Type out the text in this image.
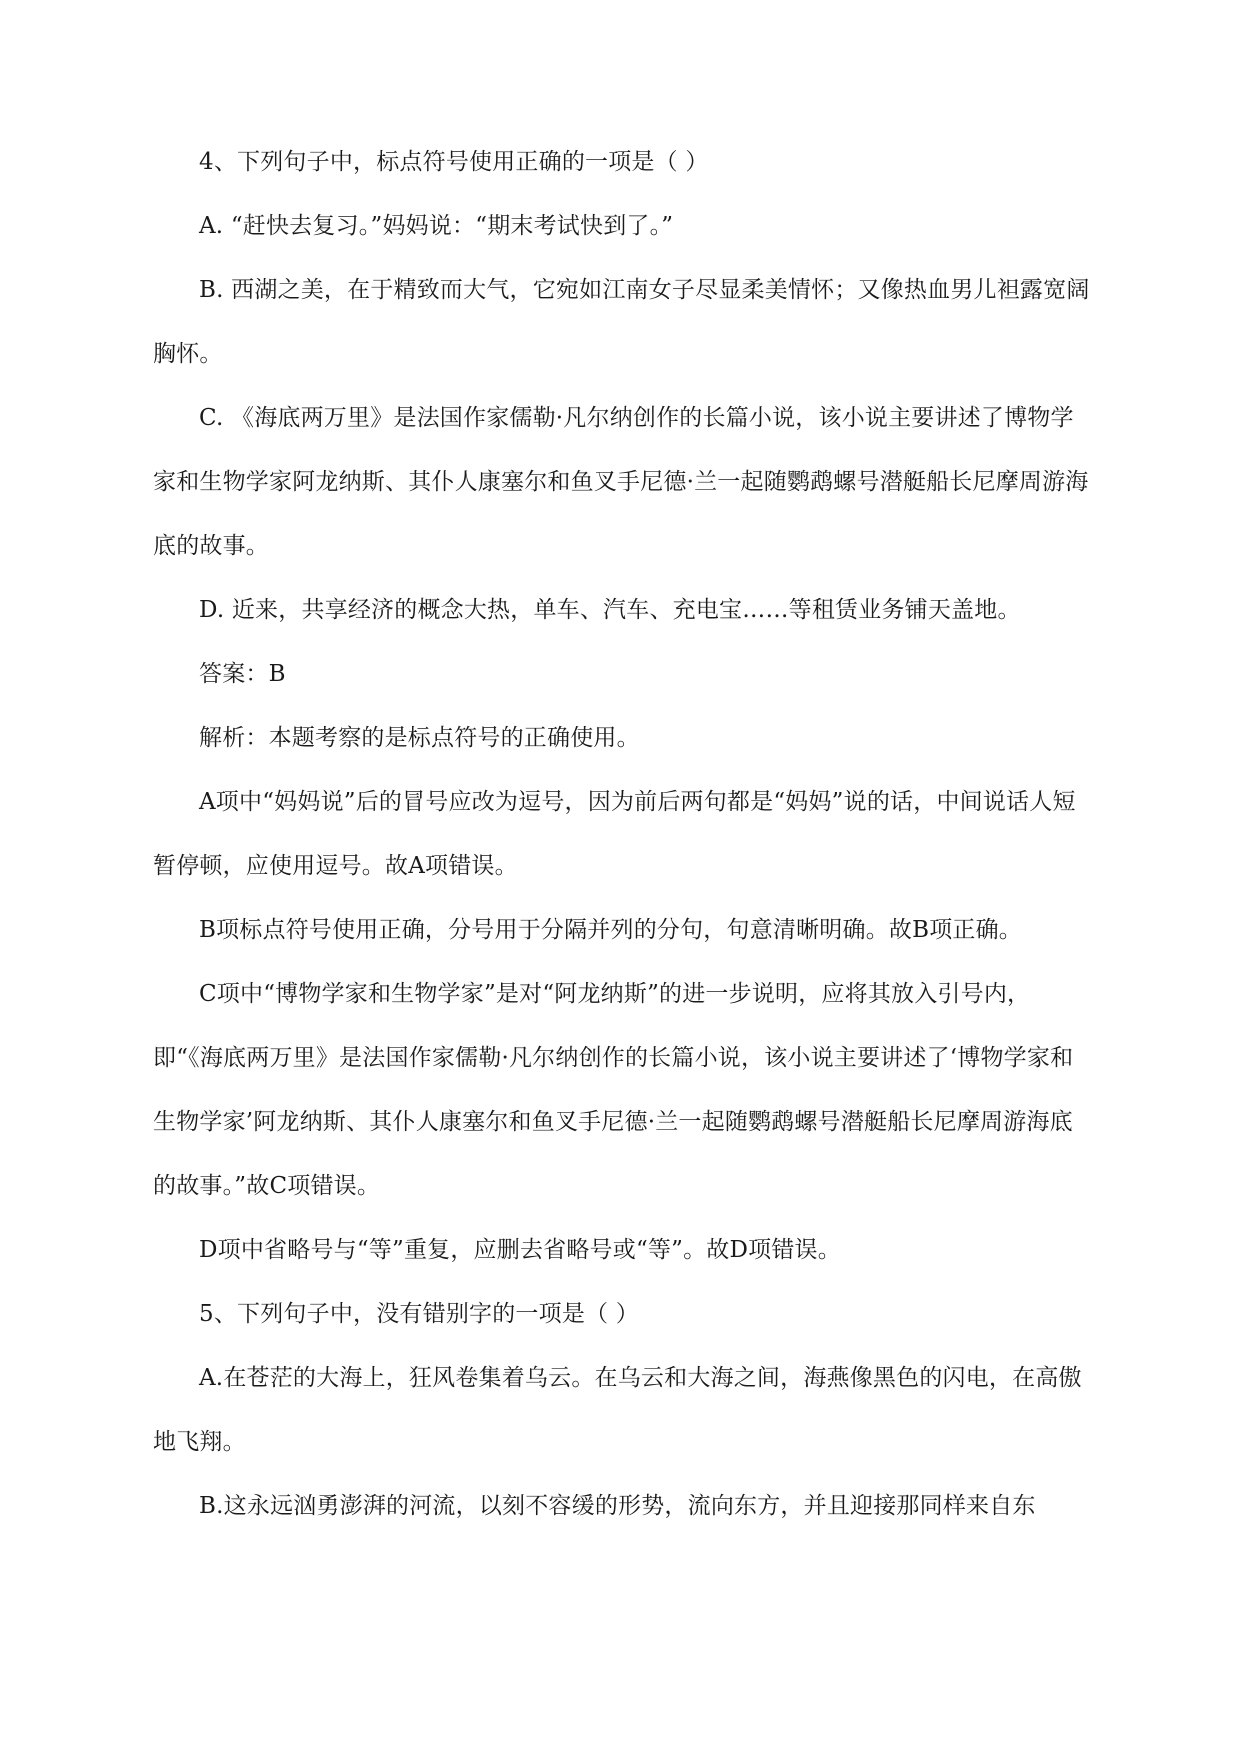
4、下列句子中，标点符号使用正确的一项是（ ）

A. “赶快去复习。”妈妈说：“期末考试快到了。”

B. 西湖之美，在于精致而大气，它宛如江南女子尽显柔美情怀；又像热血男儿袒露宽阔胸怀。

C. 《海底两万里》是法国作家儒勒·凡尔纳创作的长篇小说，该小说主要讲述了博物学家和生物学家阿龙纳斯、其仆人康塞尔和鱼叉手尼德·兰一起随鹦鹉螺号潜艇船长尼摩周游海底的故事。

D. 近来，共享经济的概念大热，单车、汽车、充电宝……等租赁业务铺天盖地。

答案：B

解析：本题考察的是标点符号的正确使用。

A项中“妈妈说”后的冒号应改为逗号，因为前后两句都是“妈妈”说的话，中间说话人短暂停顿，应使用逗号。故A项错误。

B项标点符号使用正确，分号用于分隔并列的分句，句意清晰明确。故B项正确。

C项中“博物学家和生物学家”是对“阿龙纳斯”的进一步说明，应将其放入引号内，即“《海底两万里》是法国作家儒勒·凡尔纳创作的长篇小说，该小说主要讲述了‘博物学家和生物学家’阿龙纳斯、其仆人康塞尔和鱼叉手尼德·兰一起随鹦鹉螺号潜艇船长尼摩周游海底的故事。”故C项错误。

D项中省略号与“等”重复，应删去省略号或“等”。故D项错误。

5、下列句子中，没有错别字的一项是（ ）

A.在苍茫的大海上，狂风卷集着乌云。在乌云和大海之间，海燕像黑色的闪电，在高傲地飞翔。

B.这永远汹勇澎湃的河流，以刻不容缓的形势，流向东方，并且迎接那同样来自东
